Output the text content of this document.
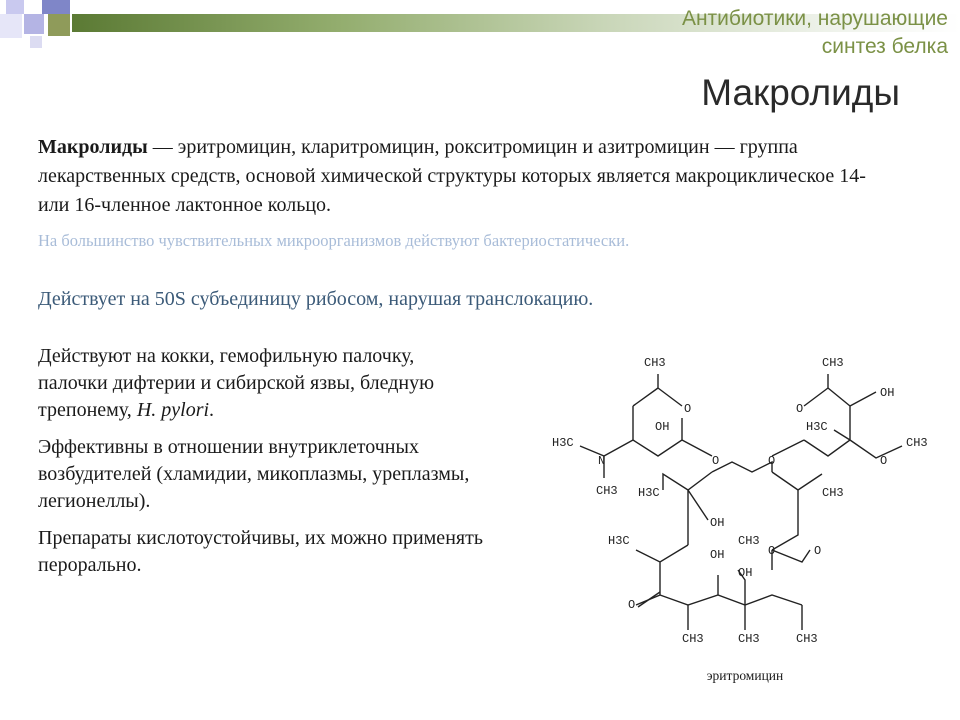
Антибиотики, нарушающие
синтез белка
Макролиды
Макролиды — эритромицин, кларитромицин, рокситромицин и азитромицин — группа лекарственных средств, основой химической структуры которых является макроциклическое 14- или 16-членное лактонное кольцо.
На большинство чувствительных микроорганизмов действуют бактериостатически.
Действует на 50S субъединицу рибосом, нарушая транслокацию.

Действуют на кокки, гемофильную палочку, палочки дифтерии и сибирской язвы, бледную трепонему, H. pylori.

Эффективны в отношении внутриклеточных возбудителей (хламидии, микоплазмы, уреплазмы, легионеллы).

Препараты кислотоустойчивы, их можно применять перорально.

CH3
O
OH
H3C
N
CH3
O
CH3
OH
O
H3C
O
CH3
O
H3C
OH
CH3
CH3
H3C
OH
OH
O	O
O
CH3	CH3	CH3
эритромицин
